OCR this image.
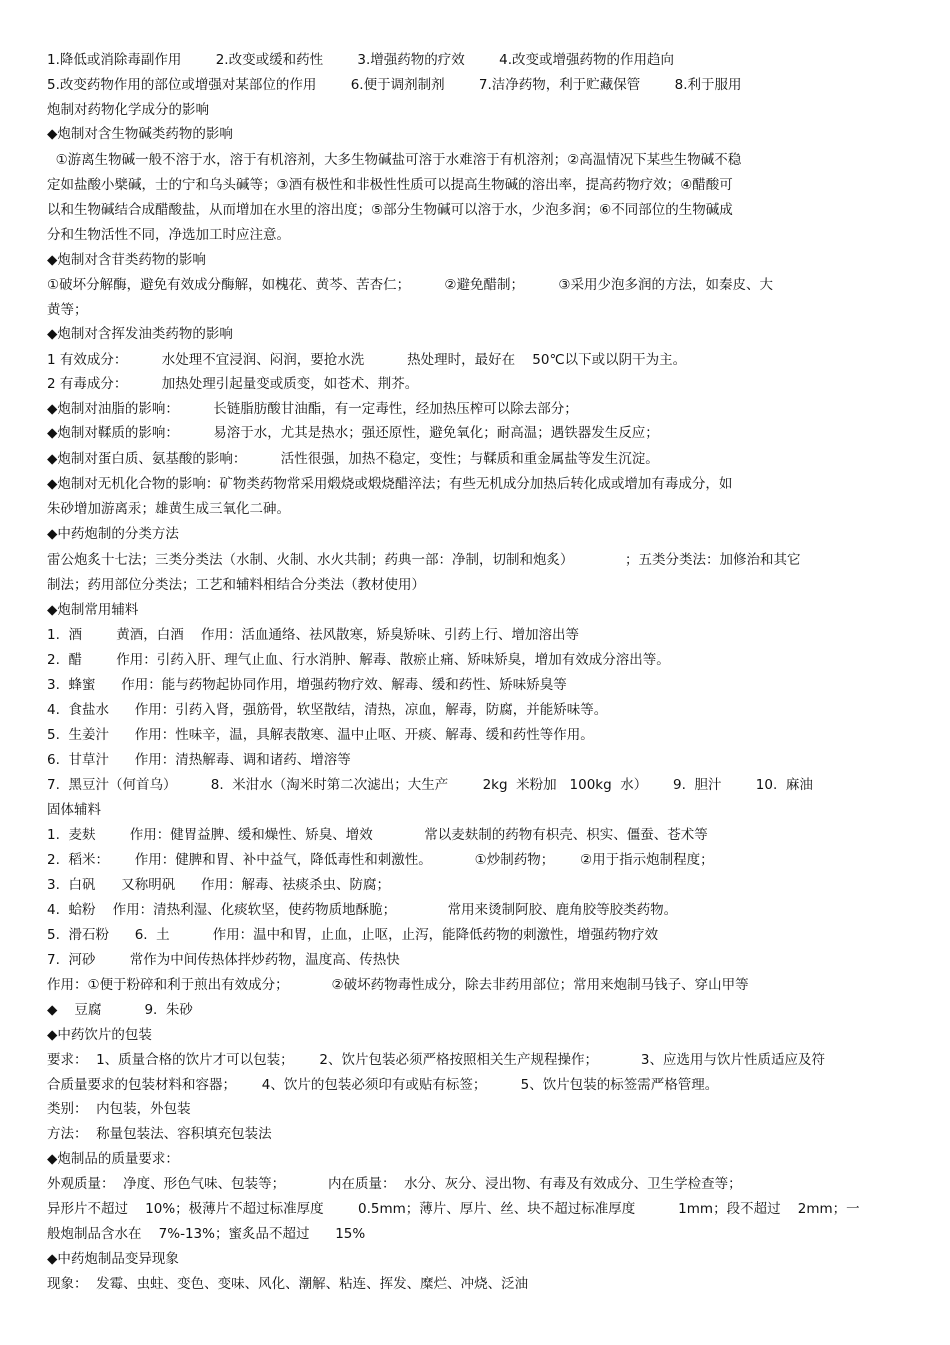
1.降低或消除毒副作用        2.改变或缓和药性        3.增强药物的疗效        4.改变或增强药物的作用趋向
5.改变药物作用的部位或增强对某部位的作用        6.便于调剂制剂        7.洁净药物，利于贮藏保管        8.利于服用
炮制对药物化学成分的影响
◆炮制对含生物碱类药物的影响
①游离生物碱一般不溶于水，溶于有机溶剂，大多生物碱盐可溶于水难溶于有机溶剂；②高温情况下某些生物碱不稳
定如盐酸小檗碱，士的宁和乌头碱等；③酒有极性和非极性性质可以提高生物碱的溶出率，提高药物疗效；④醋酸可
以和生物碱结合成醋酸盐，从而增加在水里的溶出度；⑤部分生物碱可以溶于水，少泡多润；⑥不同部位的生物碱成
分和生物活性不同，净选加工时应注意。
◆炮制对含苷类药物的影响
①破坏分解酶，避免有效成分酶解，如槐花、黄芩、苦杏仁；        ②避免醋制；        ③采用少泡多润的方法，如秦皮、大
黄等；
◆炮制对含挥发油类药物的影响
1 有效成分：        水处理不宜浸润、闷润，要抢水洗          热处理时，最好在    50℃以下或以阴干为主。
2 有毒成分：        加热处理引起量变或质变，如苍术、荆芥。
◆炮制对油脂的影响：        长链脂肪酸甘油酯，有一定毒性，经加热压榨可以除去部分；
◆炮制对鞣质的影响：        易溶于水，尤其是热水；强还原性，避免氧化；耐高温；遇铁器发生反应；
◆炮制对蛋白质、氨基酸的影响：        活性很强，加热不稳定，变性；与鞣质和重金属盐等发生沉淀。
◆炮制对无机化合物的影响：矿物类药物常采用煅烧或煅烧醋淬法；有些无机成分加热后转化成或增加有毒成分，如
朱砂增加游离汞；雄黄生成三氧化二砷。
◆中药炮制的分类方法
雷公炮炙十七法；三类分类法（水制、火制、水火共制；药典一部：净制，切制和炮炙）            ；五类分类法：加修治和其它
制法；药用部位分类法；工艺和辅料相结合分类法（教材使用）
◆炮制常用辅料
1.  酒        黄酒，白酒    作用：活血通络、祛风散寒，矫臭矫味、引药上行、增加溶出等
2.  醋        作用：引药入肝、理气止血、行水消肿、解毒、散瘀止痛、矫味矫臭，增加有效成分溶出等。
3.  蜂蜜      作用：能与药物起协同作用，增强药物疗效、解毒、缓和药性、矫味矫臭等
4.  食盐水      作用：引药入肾，强筋骨，软坚散结，清热，凉血，解毒，防腐，并能矫味等。
5.  生姜汁      作用：性味辛，温，具解表散寒、温中止呕、开痰、解毒、缓和药性等作用。
6.  甘草汁      作用：清热解毒、调和诸药、增溶等
7.  黑豆汁（何首乌）        8.  米泔水（淘米时第二次滤出；大生产        2kg  米粉加   100kg  水）      9.  胆汁        10.  麻油
固体辅料
1.  麦麸        作用：健胃益脾、缓和燥性、矫臭、增效            常以麦麸制的药物有枳壳、枳实、僵蚕、苍术等
2.  稻米：      作用：健脾和胃、补中益气，降低毒性和刺激性。          ①炒制药物；      ②用于指示炮制程度；
3.  白矾      又称明矾      作用：解毒、祛痰杀虫、防腐；
4.  蛤粉    作用：清热利湿、化痰软坚，使药物质地酥脆；            常用来烫制阿胶、鹿角胶等胶类药物。
5.  滑石粉      6.  土          作用：温中和胃，止血，止呕，止泻，能降低药物的刺激性，增强药物疗效
7.  河砂        常作为中间传热体拌炒药物，温度高、传热快
作用：①便于粉碎和利于煎出有效成分；          ②破坏药物毒性成分，除去非药用部位；常用来炮制马钱子、穿山甲等
◆    豆腐          9.  朱砂
◆中药饮片的包装
要求：  1、质量合格的饮片才可以包装；      2、饮片包装必须严格按照相关生产规程操作；          3、应选用与饮片性质适应及符
合质量要求的包装材料和容器；      4、饮片的包装必须印有或贴有标签；        5、饮片包装的标签需严格管理。
类别：  内包装，外包装
方法：  称量包装法、容积填充包装法
◆炮制品的质量要求：
外观质量：  净度、形色气味、包装等；          内在质量：  水分、灰分、浸出物、有毒及有效成分、卫生学检查等；
异形片不超过    10%；极薄片不超过标准厚度        0.5mm；薄片、厚片、丝、块不超过标准厚度          1mm；段不超过    2mm；一
般炮制品含水在    7%-13%；蜜炙品不超过      15%
◆中药炮制品变异现象
现象：  发霉、虫蛀、变色、变味、风化、潮解、粘连、挥发、糜烂、冲烧、泛油
